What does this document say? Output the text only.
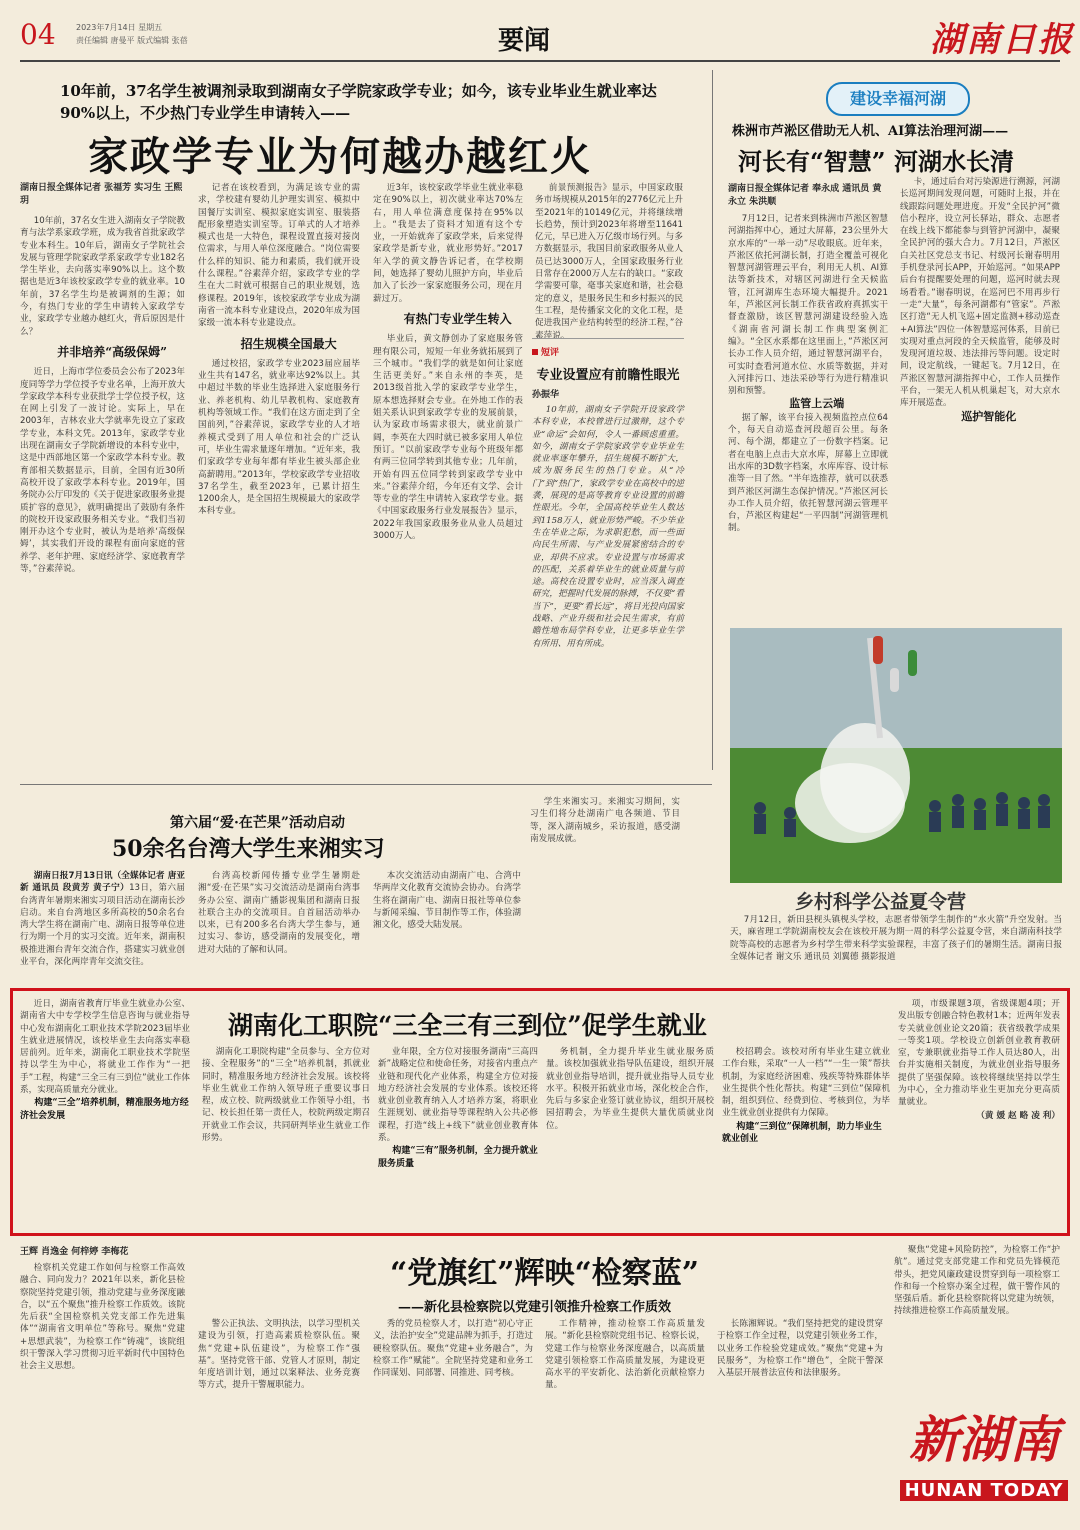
04	2023年7月14日 星期五
责任编辑 唐曼平 版式编辑 张蓓	要闻	湖南日报
10年前，37名学生被调剂录取到湖南女子学院家政学专业；如今，该专业毕业生就业率达90%以上，不少热门专业学生申请转入——
家政学专业为何越办越红火
湖南日报全媒体记者 张福芳 实习生 王熙玥

10年前，37名女生进入湖南女子学院教育与法学系家政学班，成为我省首批家政学专业本科生。10年后，湖南女子学院社会发展与管理学院家政学系家政学专业182名学生毕业，去向落实率90%以上。这个数据也是近3年该校家政学专业的就业率。10年前，37名学生均是被调剂的生源；如今，有热门专业的学生申请转入家政学专业，家政学专业越办越红火，背后原因是什么？

并非培养“高级保姆”

近日，上海市学位委员会公布了2023年度同等学力学位授予专业名单，上海开放大学家政学本科专业获批学士学位授予权，这在网上引发了一波讨论。实际上，早在2003年，吉林农业大学就率先设立了家政学专业，本科文凭。2013年，家政学专业出现在湖南女子学院新增设的本科专业中，这是中西部地区第一个家政学本科专业。教育部相关数据显示，目前，全国有近30所高校开设了家政学本科专业。2019年，国务院办公厅印发的《关于促进家政服务业提质扩容的意见》，就明确提出了鼓励有条件的院校开设家政服务相关专业。“我们当初刚开办这个专业时，被认为是培养‘高级保姆’，其实我们开设的课程有面向家庭的营养学、老年护理、家庭经济学、家庭教育学等，”谷素萍说。

记者在该校看到，为满足该专业的需求，学校建有婴幼儿护理实训室、模拟中国餐厅实训室、模拟家庭实训室、服装搭配形象塑造实训室等。订单式的人才培养模式也是一大特色，课程设置直接对接岗位需求，与用人单位深度融合。“岗位需要什么样的知识、能力和素质，我们就开设什么课程。”谷素萍介绍，家政学专业的学生在大二时就可根据自己的职业规划，选修课程。2019年，该校家政学专业成为湖南省一流本科专业建设点，2020年成为国家级一流本科专业建设点。

招生规模全国最大

通过校招，家政学专业2023届应届毕业生共有147名，就业率达92%以上。其中超过半数的毕业生选择进入家庭服务行业、养老机构、幼儿早教机构、家庭教育机构等领域工作。“我们在这方面走到了全国前列，”谷素萍说，家政学专业的人才培养模式受到了用人单位和社会的广泛认可，毕业生需求量逐年增加。“近年来，我们家政学专业每年都有毕业生被头部企业高薪聘用。”2013年，学校家政学专业招收37名学生，截至2023年，已累计招生1200余人，是全国招生规模最大的家政学本科专业。

近3年，该校家政学毕业生就业率稳定在90%以上，初次就业率达70%左右，用人单位满意度保持在95%以上。“我是去了资料才知道有这个专业，一开始就奔了家政学来，后来觉得家政学是新专业，就业形势好。”2017年入学的黄文静告诉记者，在学校期间，她选择了婴幼儿照护方向，毕业后加入了长沙一家家庭服务公司，现在月薪过万。

有热门专业学生转入

毕业后，黄文静创办了家庭服务管理有限公司，短短一年业务就拓展到了三个城市。“我们学的就是如何让家庭生活更美好。”来自永州的李英，是2013级首批入学的家政学专业学生，原本想选择财会专业。在外地工作的表姐关系认识到家政学专业的发展前景，认为家政市场需求很大，就业前景广阔，李英在大四时就已被多家用人单位预订。“以前家政学专业每个班级年都有两三位同学转到其他专业；几年前，开始有四五位同学转到家政学专业中来。”谷素萍介绍，今年还有文学、会计等专业的学生申请转入家政学专业。据《中国家政服务行业发展报告》显示，2022年我国家政服务业从业人员超过3000万人。

前景预测报告》显示，中国家政服务市场规模从2015年的2776亿元上升至2021年的10149亿元，并将继续增长趋势，预计到2023年将增至11641亿元，早已进入万亿级市场行列。与多方数据显示，我国目前家政服务从业人员已达3000万人，全国家政服务行业日常存在2000万人左右的缺口。“家政学需要可靠，毫事关家庭和谐，社会稳定的意义，是服务民生和乡村振兴的民生工程，是传播家文化的文化工程，是促进我国产业结构转型的经济工程，”谷素萍说。

短评
专业设置应有前瞻性眼光
孙振华
10年前，湖南女子学院开设家政学本科专业，本校曾进行过激辩，这个专业“命运”会如何，令人一番顾虑重重。如今，湖南女子学院家政学专业毕业生就业率逐年攀升，招生规模不断扩大，成为服务民生的热门专业。从“冷门”到“热门”，家政学专业在高校中的逆袭，展现的是高等教育专业设置的前瞻性眼光。今年，全国高校毕业生人数达到1158万人，就业形势严峻。不少毕业生在毕业之际，为求职犯愁，而一些面向民生所需、与产业发展紧密结合的专业，却供不应求。专业设置与市场需求的匹配，关系着毕业生的就业质量与前途。高校在设置专业时，应当深入调查研究，把握时代发展的脉搏，不仅要“看当下”，更要“看长远”，将目光投向国家战略、产业升级和社会民生需求，有前瞻性地布局学科专业，让更多毕业生学有所用、用有所成。
建设幸福河湖
株洲市芦淞区借助无人机、AI算法治理河湖——
河长有“智慧” 河湖水长清
湖南日报全媒体记者 奉永成 通讯员 黄永立 朱洪顺

7月12日，记者来到株洲市芦淞区智慧河湖指挥中心，通过大屏幕，23公里外大京水库的“一举一动”尽收眼底。近年来，芦淞区依托河湖长制，打造全覆盖可视化智慧河湖管理云平台，利用无人机、AI算法等新技术，对辖区河湖进行全天候监管，江河湖库生态环境大幅提升。2021年，芦淞区河长制工作获省政府真抓实干督查激励，该区智慧河湖建设经验入选《湖南省河湖长制工作典型案例汇编》。“全区水系都在这里面上，”芦淞区河长办工作人员介绍，通过智慧河湖平台，可实时查看河道水位、水质等数据，并对入河排污口、违法采砂等行为进行精准识别和预警。

监管上云端

据了解，该平台接入视频监控点位64个，每天自动巡查河段超百公里。每条河、每个湖，都建立了一份数字档案。记者在电脑上点击大京水库，屏幕上立即就出水库的3D数字档案，水库库容、设计标准等一目了然。“半年选推荐，就可以获悉到芦淞区河湖生态保护情况。”芦淞区河长办工作人员介绍，依托智慧河湖云管理平台，芦淞区构建起“一平四制”河湖管理机制。

卡，通过后台对污染源进行溯源，河湖长巡河期间发现问题，可随时上报，并在线跟踪问题处理进度。开发“全民护河”微信小程序，设立河长驿站，群众、志愿者在线上线下都能参与到管护河湖中，凝聚全民护河的强大合力。7月12日，芦淞区白关社区党总支书记、村级河长谢春明用手机登录河长APP，开始巡河。“如果APP后台有提醒要处理的问题，巡河时就去现场看看。”谢春明说，在巡河巴不用再步行一走“大量”，每条河湖都有“管家”。芦淞区打造“无人机飞巡+固定监测+移动巡查+AI算法”四位一体智慧巡河体系，目前已实现对重点河段的全天候监管，能够及时发现河道垃圾、违法排污等问题。设定时间，设定航线，一键起飞。7月12日，在芦淞区智慧河湖指挥中心，工作人员操作平台，一架无人机从机巢起飞，对大京水库开展巡查。

巡护智能化

乡村科学公益夏令营
7月12日，新田县枧头镇枧头学校，志愿者带领学生制作的“水火箭”升空发射。当天，麻省理工学院湖南校友会在该校开展为期一周的科学公益夏令营，来自湖南科技学院等高校的志愿者为乡村学生带来科学实验课程，丰富了孩子们的暑期生活。湖南日报全媒体记者 谢文乐 通讯员 刘翼德 摄影报道
第六届“爱·在芒果”活动启动
50余名台湾大学生来湘实习
学生来湘实习。来湘实习期间，实习生们将分赴湖南广电各频道、节目等，深入湖南城乡，采访报道，感受湖南发展成就。

湖南日报7月13日讯（全媒体记者 唐亚新 通讯员 段黄芳 黄子宁）13日，第六届台湾青年暑期来湘实习项目活动在湖南长沙启动。来自台湾地区多所高校的50余名台湾大学生将在湖南广电、湖南日报等单位进行为期一个月的实习交流。近年来，湖南积极推进湘台青年交流合作，搭建实习就业创业平台，深化两岸青年交流交往。

台湾高校新闻传播专业学生暑期赴湘“爱·在芒果”实习交流活动是湖南台湾事务办公室、湖南广播影视集团和湖南日报社联合主办的交流项目。自首届活动举办以来，已有200多名台湾大学生参与，通过实习、参访，感受湖南的发展变化，增进对大陆的了解和认同。
本次交流活动由湖南广电、合湾中华两岸文化教育交流协会协办。台湾学生将在湖南广电、湖南日报社等单位参与新闻采编、节目制作等工作，体验湖湘文化，感受大陆发展。
湖南化工职院“三全三有三到位”促学生就业

近日，湖南省教育厅毕业生就业办公室、湖南省大中专学校学生信息咨询与就业指导中心发布湖南化工职业技术学院2023届毕业生就业进展情况，该校毕业生去向落实率稳居前列。近年来，湖南化工职业技术学院坚持以学生为中心，将就业工作作为“一把手”工程，构建“三全三有三到位”就业工作体系，实现高质量充分就业。

构建“三全”培养机制，精准服务地方经济社会发展

湖南化工职院构建“全员参与、全方位对接、全程服务”的“三全”培养机制，抓就业同时，精准服务地方经济社会发展。该校将毕业生就业工作纳入领导班子重要议事日程，成立校、院两级就业工作领导小组，书记、校长担任第一责任人，校院两级定期召开就业工作会议，共同研判毕业生就业工作形势。

业年限，全方位对接服务湖南“三高四新”战略定位和使命任务，对接省内重点产业链和现代化产业体系，构建全方位对接地方经济社会发展的专业体系。该校还将就业创业教育纳入人才培养方案，将职业生涯规划、就业指导等课程纳入公共必修课程，打造“线上+线下”就业创业教育体系。

构建“三有”服务机制，全力提升就业服务质量

务机制，全力提升毕业生就业服务质量。该校加强就业指导队伍建设，组织开展就业创业指导培训，提升就业指导人员专业水平。积极开拓就业市场，深化校企合作，先后与多家企业签订就业协议，组织开展校园招聘会，为毕业生提供大量优质就业岗位。

校招聘会。该校对所有毕业生建立就业工作台账，采取“一人一档”“一生一策”帮扶机制，为家庭经济困难、残疾等特殊群体毕业生提供个性化帮扶。构建“三到位”保障机制，组织到位、经费到位、考核到位，为毕业生就业创业提供有力保障。

构建“三到位”保障机制，助力毕业生就业创业

项，市级课题3项，省级课题4项；开发出版专创融合特色教材1本；近两年发表专关就业创业论文20篇；获省级教学成果一等奖1项。学校设立创新创业教育教研室，专兼职就业指导工作人员达80人，出台并实施相关制度，为就业创业指导服务提供了坚强保障。该校将继续坚持以学生为中心，全力推动毕业生更加充分更高质量就业。

（黄 媛 赵 略 凌 利）

王辉 肖逸金 何梓婷 李梅花
“党旗红”辉映“检察蓝”
——新化县检察院以党建引领推升检察工作质效
检察机关党建工作如何与检察工作高效融合、同向发力？2021年以来，新化县检察院坚持党建引领，推动党建与业务深度融合，以“五个聚焦”推升检察工作质效。该院先后获“全国检察机关党支部工作先进集体”“湖南省文明单位”等称号。聚焦“党建+思想武装”，为检察工作“铸魂”，该院组织干警深入学习贯彻习近平新时代中国特色社会主义思想。
警公正执法、文明执法，以学习型机关建设为引领，打造高素质检察队伍。聚焦“党建+队伍建设”，为检察工作“强基”。坚持党管干部、党管人才原则，制定年度培训计划，通过以案释法、业务竞赛等方式，提升干警履职能力。
秀的党员检察人才，以打造“初心守正义，法治护安全”党建品牌为抓手，打造过硬检察队伍。聚焦“党建+业务融合”，为检察工作“赋能”。全院坚持党建和业务工作同谋划、同部署、同推进、同考核。
工作精神，推动检察工作高质量发展。“新化县检察院党组书记、检察长说，党建工作与检察业务深度融合，以高质量党建引领检察工作高质量发展，为建设更高水平的平安新化、法治新化贡献检察力量。
长陈湘辉说。“我们坚持把党的建设贯穿于检察工作全过程，以党建引领业务工作，以业务工作检验党建成效。”聚焦“党建+为民服务”，为检察工作“增色”，全院干警深入基层开展普法宣传和法律服务。
聚焦“党建+风险防控”，为检察工作“护航”。通过党支部党建工作和党员先锋模范带头，把党风廉政建设贯穿到每一项检察工作和每一个检察办案全过程，做干警作风的坚强后盾。新化县检察院将以党建为统领，持续推进检察工作高质量发展。
新湖南
HUNAN TODAY
